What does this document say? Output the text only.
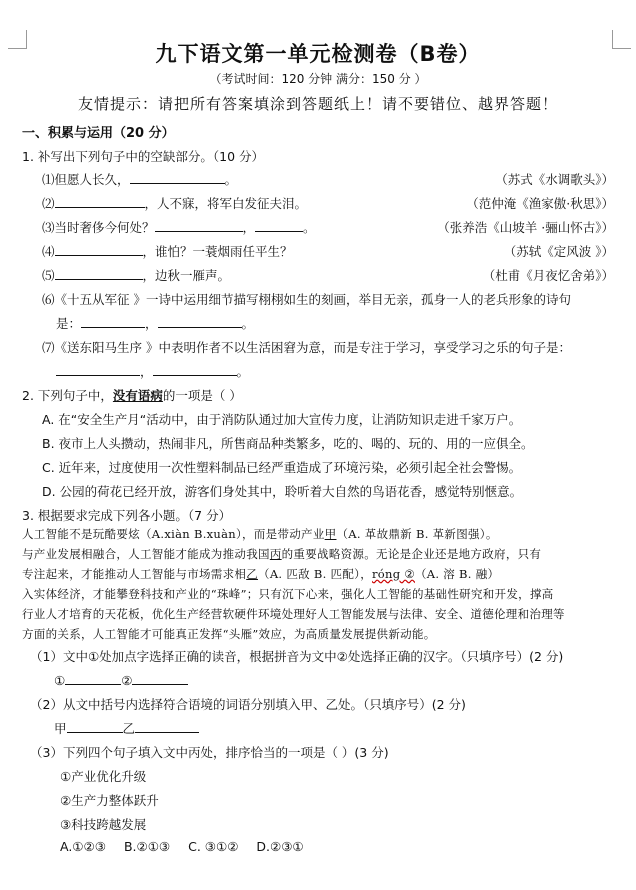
九下语文第一单元检测卷（B卷）
（考试时间：120 分钟 满分：150 分 ）
友情提示：请把所有答案填涂到答题纸上！请不要错位、越界答题！
一、积累与运用（20 分）
1. 补写出下列句子中的空缺部分。（10 分）
⑴但愿人长久，	。	（苏式《水调歌头》）
⑵	，人不寐，将军白发征夫泪。	（范仲淹《渔家傲·秋思》）
⑶当时奢侈今何处？	，	。	（张养浩《山坡羊 ·骊山怀古》）
⑷	，谁怕？一蓑烟雨任平生？	（苏轼《定风波 》）
⑸	，边秋一雁声。	（杜甫《月夜忆舍弟》）
⑹《十五从军征 》一诗中运用细节描写栩栩如生的刻画，举目无亲，孤身一人的老兵形象的诗句
是：	，	。
⑺《送东阳马生序 》中表明作者不以生活困窘为意，而是专注于学习，享受学习之乐的句子是：
，	。
2. 下列句子中，没有语病的一项是（ ）
A. 在“安全生产月“活动中，由于消防队通过加大宣传力度，让消防知识走进千家万户。
B. 夜市上人头攒动，热闹非凡，所售商品种类繁多，吃的、喝的、玩的、用的一应俱全。
C. 近年来，过度使用一次性塑料制品已经严重造成了环境污染，必须引起全社会警惕。
D. 公园的荷花已经开放，游客们身处其中，聆听着大自然的鸟语花香，感觉特别惬意。
3. 根据要求完成下列各小题。（7 分）

人工智能不是玩酷要炫（A.xiàn B.xuàn），而是带动产业甲（A. 革故鼎新 B. 革新图强）。

与产业发展相融合，人工智能才能成为推动我国丙的重要战略资源。无论是企业还是地方政府，只有

专注起来，才能推动人工智能与市场需求相乙（A. 匹敌 B. 匹配），róng ②（A. 溶 B. 融）

入实体经济，才能攀登科技和产业的“珠峰”；只有沉下心来，强化人工智能的基础性研究和开发，撑高

行业人才培育的天花板，优化生产经营软硬件环境处理好人工智能发展与法律、安全、道德伦理和治理等

方面的关系，人工智能才可能真正发挥“头雁”效应，为高质量发展提供新动能。

（1）文中①处加点字选择正确的读音，根据拼音为文中②处选择正确的汉字。（只填序号）(2 分)
①	②
（2）从文中括号内选择符合语境的词语分别填入甲、乙处。（只填序号）(2 分)
甲	乙
（3）下列四个句子填入文中丙处，排序恰当的一项是（ ）(3 分)
①产业优化升级
②生产力整体跃升
③科技跨越发展
A.①②③ B.②①③ C. ③①② D.②③①
